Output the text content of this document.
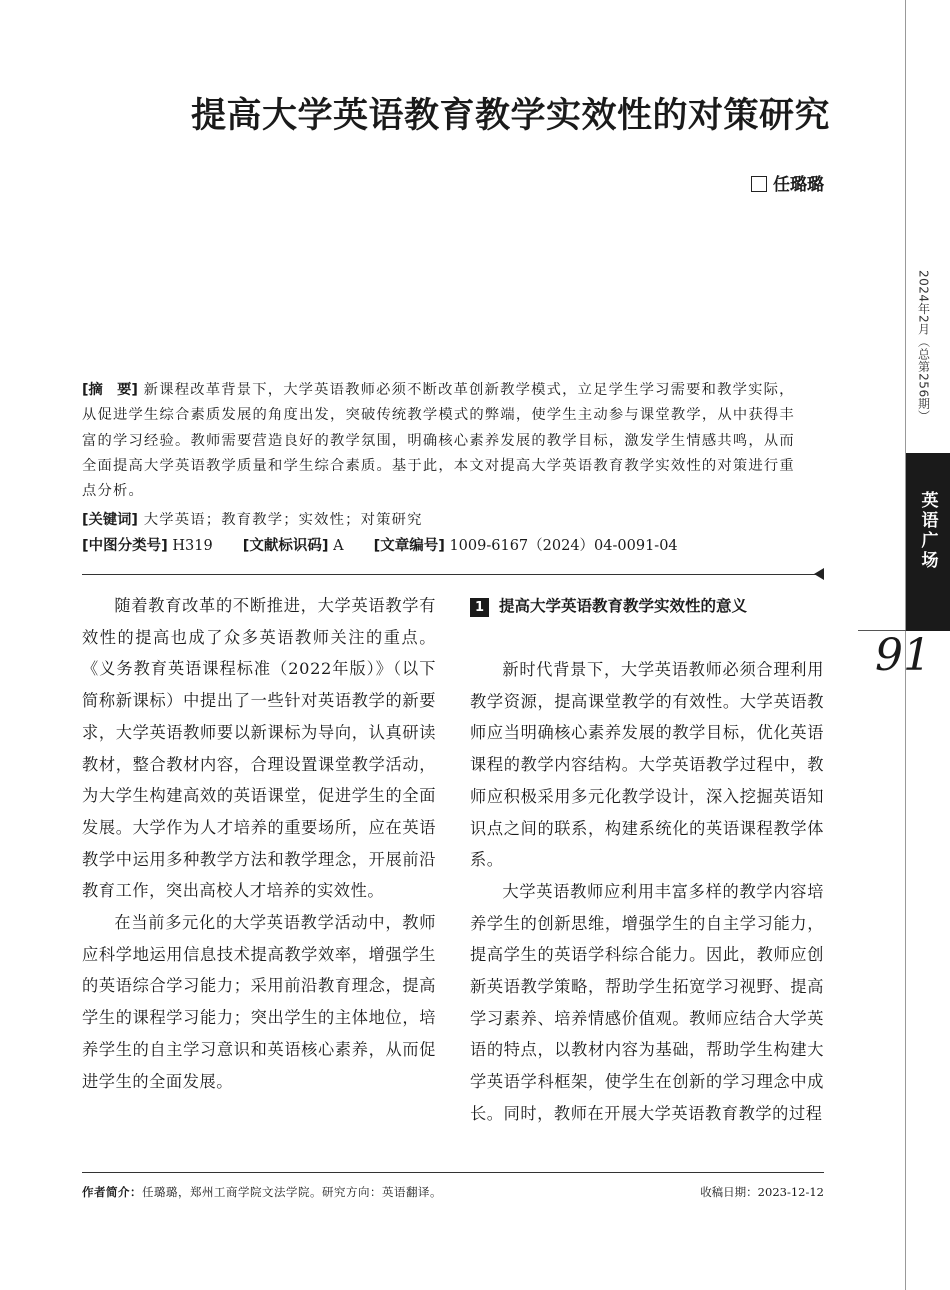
提高大学英语教育教学实效性的对策研究
任璐璐
[摘　要] 新课程改革背景下，大学英语教师必须不断改革创新教学模式，立足学生学习需要和教学实际，从促进学生综合素质发展的角度出发，突破传统教学模式的弊端，使学生主动参与课堂教学，从中获得丰富的学习经验。教师需要营造良好的教学氛围，明确核心素养发展的教学目标，激发学生情感共鸣，从而全面提高大学英语教学质量和学生综合素质。基于此，本文对提高大学英语教育教学实效性的对策进行重点分析。
[关键词] 大学英语；教育教学；实效性；对策研究
[中图分类号] H319 [文献标识码] A [文章编号] 1009-6167（2024）04-0091-04

随着教育改革的不断推进，大学英语教学有效性的提高也成了众多英语教师关注的重点。《义务教育英语课程标准（2022年版）》（以下简称新课标）中提出了一些针对英语教学的新要求，大学英语教师要以新课标为导向，认真研读教材，整合教材内容，合理设置课堂教学活动，为大学生构建高效的英语课堂，促进学生的全面发展。大学作为人才培养的重要场所，应在英语教学中运用多种教学方法和教学理念，开展前沿教育工作，突出高校人才培养的实效性。

在当前多元化的大学英语教学活动中，教师应科学地运用信息技术提高教学效率，增强学生的英语综合学习能力；采用前沿教育理念，提高学生的课程学习能力；突出学生的主体地位，培养学生的自主学习意识和英语核心素养，从而促进学生的全面发展。

1 提高大学英语教育教学实效性的意义

新时代背景下，大学英语教师必须合理利用教学资源，提高课堂教学的有效性。大学英语教师应当明确核心素养发展的教学目标，优化英语课程的教学内容结构。大学英语教学过程中，教师应积极采用多元化教学设计，深入挖掘英语知识点之间的联系，构建系统化的英语课程教学体系。

大学英语教师应利用丰富多样的教学内容培养学生的创新思维，增强学生的自主学习能力，提高学生的英语学科综合能力。因此，教师应创新英语教学策略，帮助学生拓宽学习视野、提高学习素养、培养情感价值观。教师应结合大学英语的特点，以教材内容为基础，帮助学生构建大学英语学科框架，使学生在创新的学习理念中成长。同时，教师在开展大学英语教育教学的过程

作者简介：任璐璐，郑州工商学院文法学院。研究方向：英语翻译。	收稿日期：2023-12-12
2024年2月（总第256期）
英语广场
91
